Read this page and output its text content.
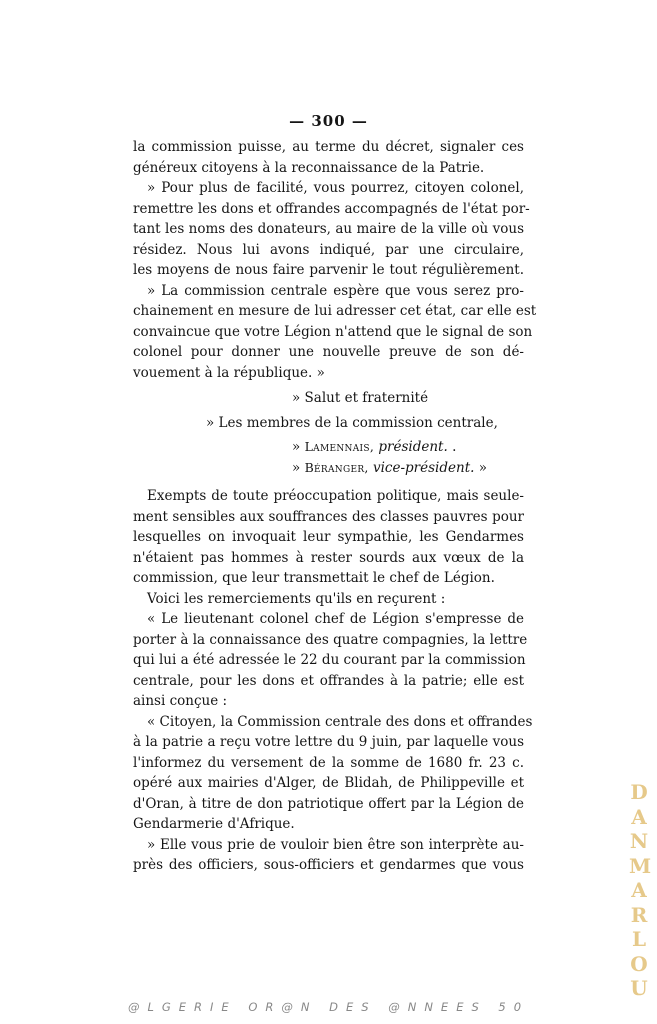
— 300 —
la commission puisse, au terme du décret, signaler ces
généreux citoyens à la reconnaissance de la Patrie.
» Pour plus de facilité, vous pourrez, citoyen colonel,
remettre les dons et offrandes accompagnés de l'état por-
tant les noms des donateurs, au maire de la ville où vous
résidez. Nous lui avons indiqué, par une circulaire,
les moyens de nous faire parvenir le tout régulièrement.
» La commission centrale espère que vous serez pro-
chainement en mesure de lui adresser cet état, car elle est
convaincue que votre Légion n'attend que le signal de son
colonel pour donner une nouvelle preuve de son dé-
vouement à la république. »
» Salut et fraternité
» Les membres de la commission centrale,
» Lamennais, président. .
» Béranger, vice-président. »
Exempts de toute préoccupation politique, mais seule-
ment sensibles aux souffrances des classes pauvres pour
lesquelles on invoquait leur sympathie, les Gendarmes
n'étaient pas hommes à rester sourds aux vœux de la
commission, que leur transmettait le chef de Légion.
Voici les remerciements qu'ils en reçurent :
« Le lieutenant colonel chef de Légion s'empresse de
porter à la connaissance des quatre compagnies, la lettre
qui lui a été adressée le 22 du courant par la commission
centrale, pour les dons et offrandes à la patrie; elle est
ainsi conçue :
« Citoyen, la Commission centrale des dons et offrandes
à la patrie a reçu votre lettre du 9 juin, par laquelle vous
l'informez du versement de la somme de 1680 fr. 23 c.
opéré aux mairies d'Alger, de Blidah, de Philippeville et
d'Oran, à titre de don patriotique offert par la Légion de
Gendarmerie d'Afrique.
» Elle vous prie de vouloir bien être son interprète au-
près des officiers, sous-officiers et gendarmes que vous
D
A
N
M
A
R
L
O
U
@LGERIE OR@N DES @NNEES 50
